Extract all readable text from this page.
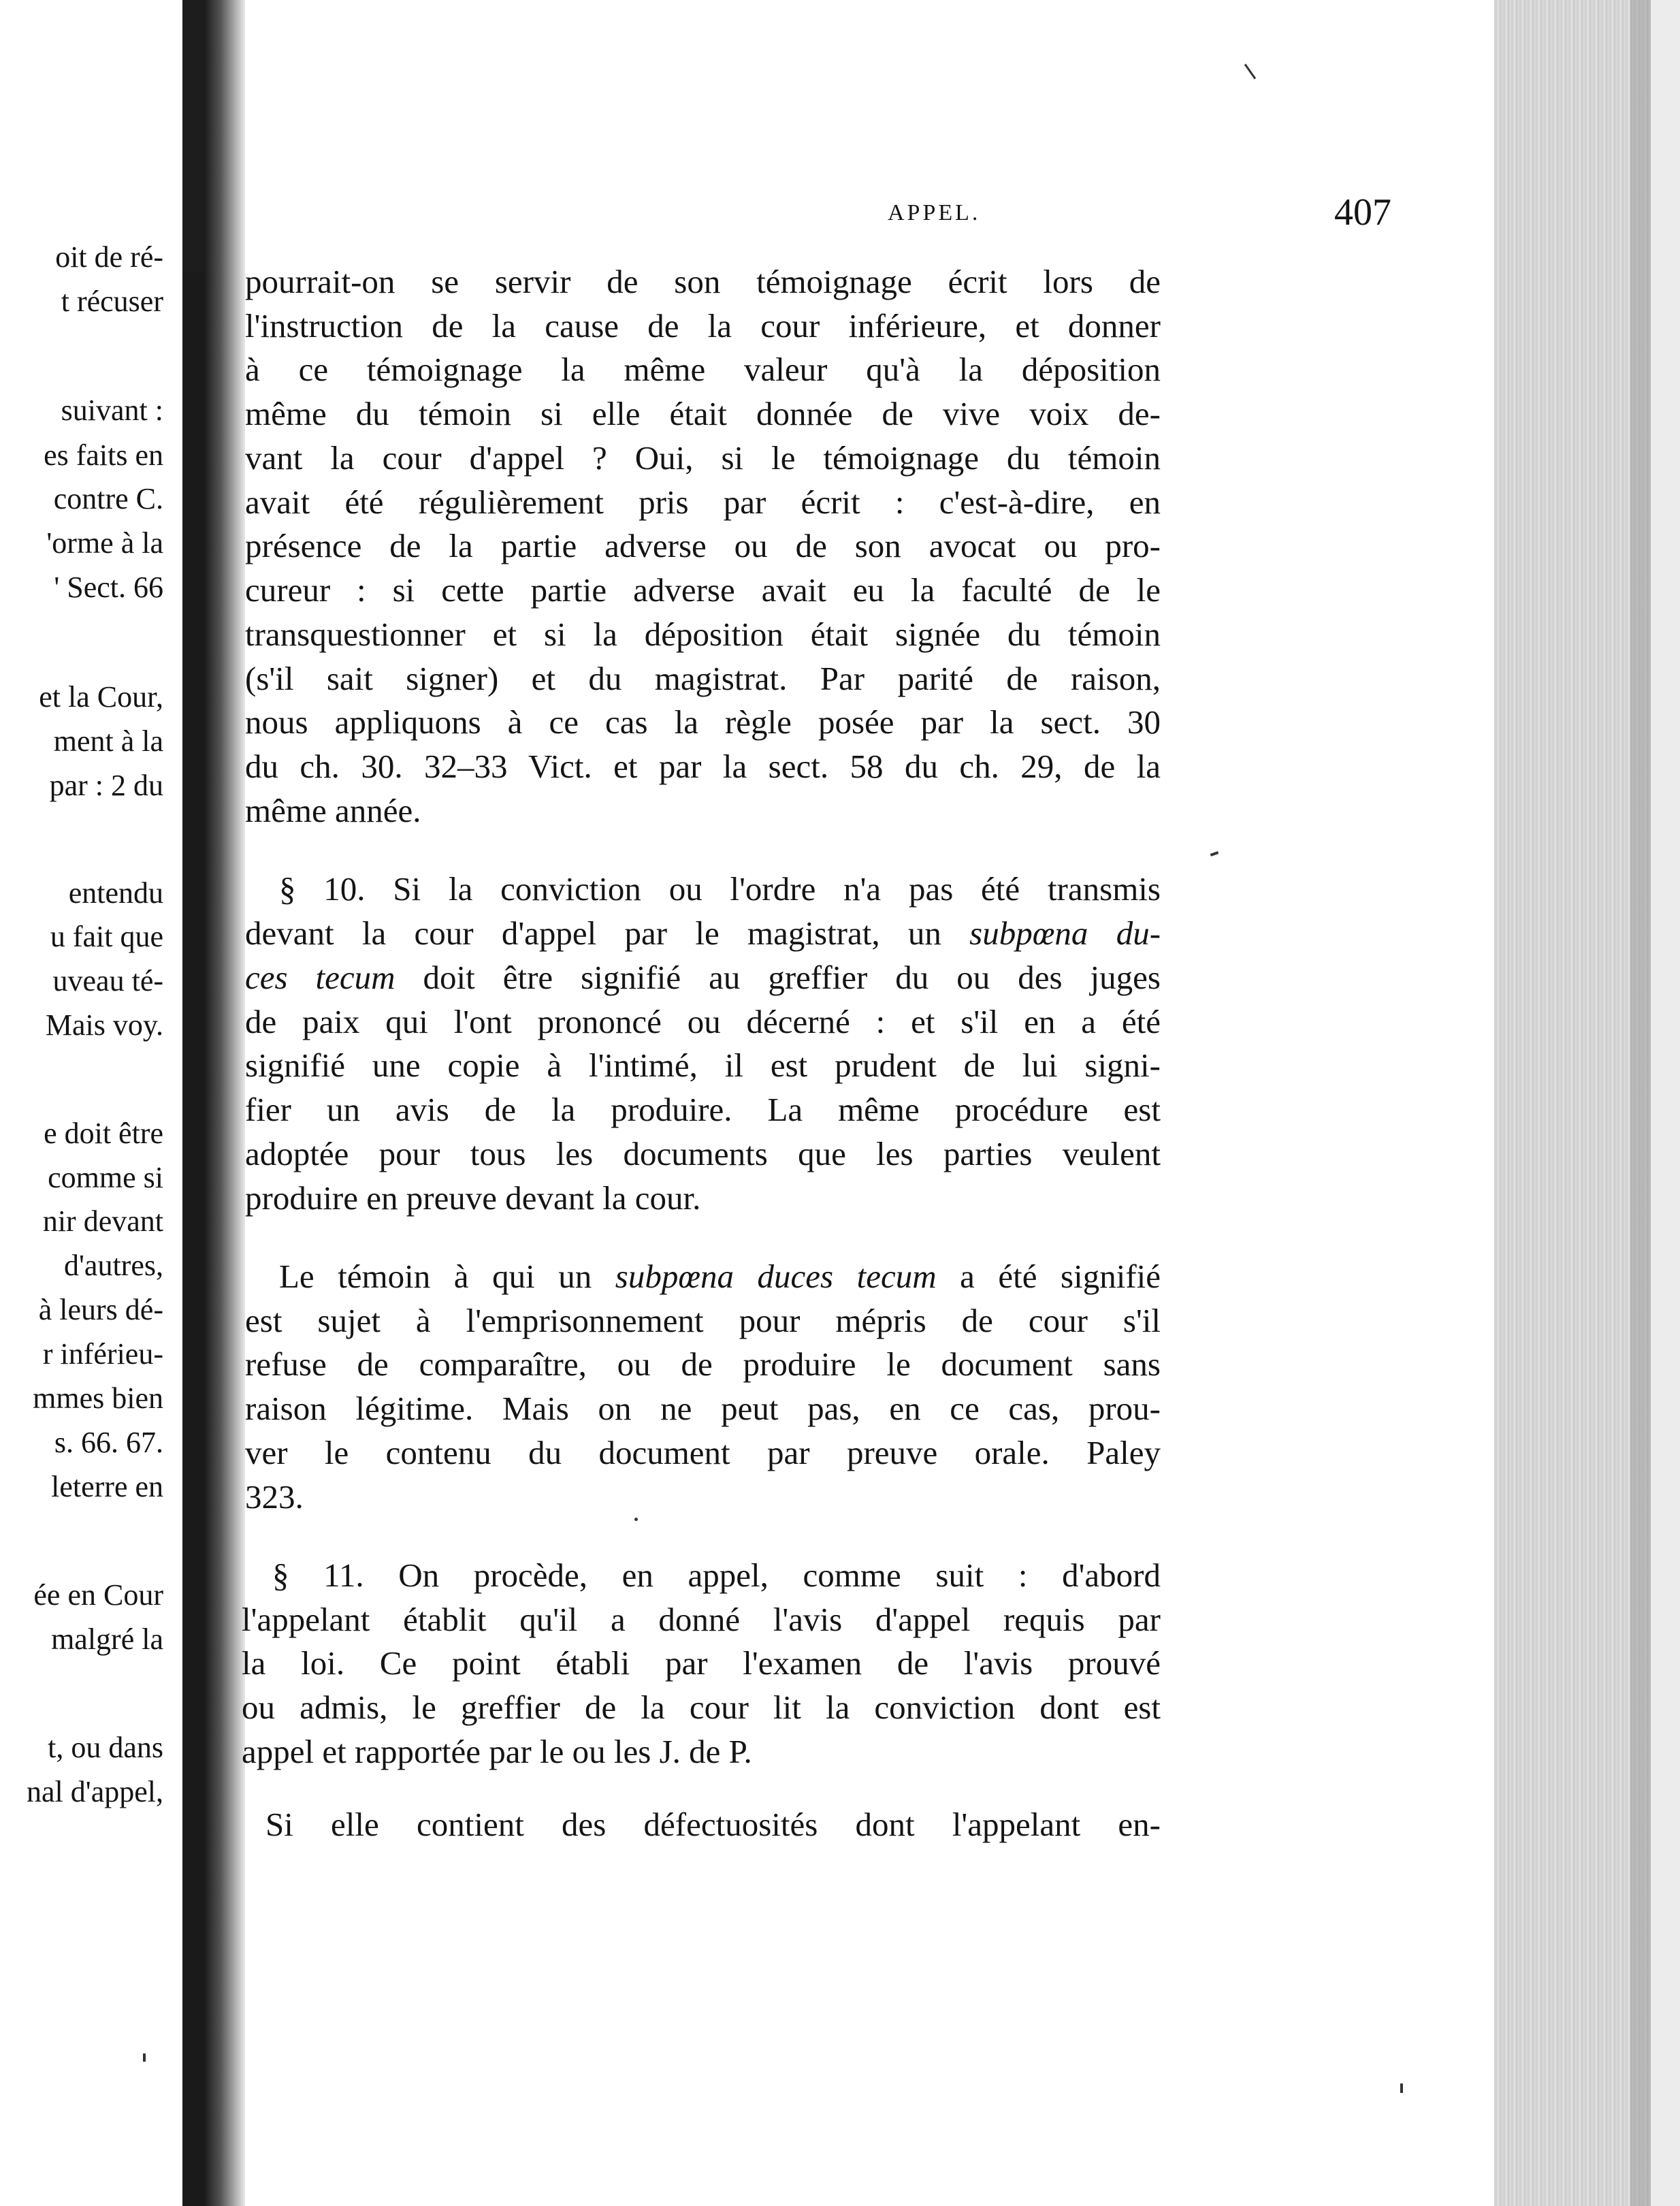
oit de ré-
t récuser
suivant :
es faits en
contre C.
'orme à la
' Sect. 66
et la Cour,
ment à la
par : 2 du
entendu
u fait que
uveau té-
Mais voy.
e doit être
comme si
nir devant
d'autres,
à leurs dé-
r inférieu-
mmes bien
s. 66. 67.
leterre en
ée en Cour
malgré la
t, ou dans
nal d'appel,
APPEL.	407
pourrait-on se servir de son témoignage écrit lors de
l'instruction de la cause de la cour inférieure, et donner
à ce témoignage la même valeur qu'à la déposition
même du témoin si elle était donnée de vive voix de-
vant la cour d'appel ? Oui, si le témoignage du témoin
avait été régulièrement pris par écrit : c'est-à-dire, en
présence de la partie adverse ou de son avocat ou pro-
cureur : si cette partie adverse avait eu la faculté de le
transquestionner et si la déposition était signée du témoin
(s'il sait signer) et du magistrat. Par parité de raison,
nous appliquons à ce cas la règle posée par la sect. 30
du ch. 30. 32–33 Vict. et par la sect. 58 du ch. 29, de la
même année.
§ 10. Si la conviction ou l'ordre n'a pas été transmis
devant la cour d'appel par le magistrat, un subpœna du-
ces tecum doit être signifié au greffier du ou des juges
de paix qui l'ont prononcé ou décerné : et s'il en a été
signifié une copie à l'intimé, il est prudent de lui signi-
fier un avis de la produire. La même procédure est
adoptée pour tous les documents que les parties veulent
produire en preuve devant la cour.
Le témoin à qui un subpœna duces tecum a été signifié
est sujet à l'emprisonnement pour mépris de cour s'il
refuse de comparaître, ou de produire le document sans
raison légitime. Mais on ne peut pas, en ce cas, prou-
ver le contenu du document par preuve orale. Paley
323.
§ 11. On procède, en appel, comme suit : d'abord
l'appelant établit qu'il a donné l'avis d'appel requis par
la loi. Ce point établi par l'examen de l'avis prouvé
ou admis, le greffier de la cour lit la conviction dont est
appel et rapportée par le ou les J. de P.
Si elle contient des défectuosités dont l'appelant en-
